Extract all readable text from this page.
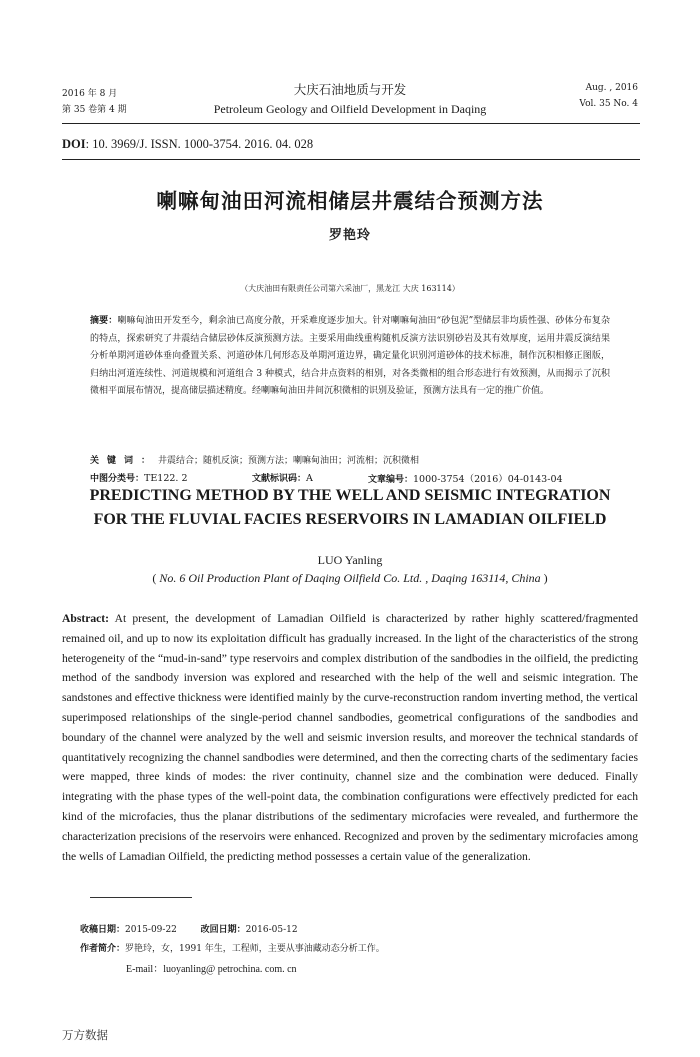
2016 年 8 月
第 35 卷第 4 期
大庆石油地质与开发
Petroleum Geology and Oilfield Development in Daqing
Aug. , 2016
Vol. 35 No. 4
DOI: 10. 3969/J. ISSN. 1000-3754. 2016. 04. 028
喇嘛甸油田河流相储层井震结合预测方法
罗艳玲
（大庆油田有限责任公司第六采油厂，黑龙江 大庆 163114）
摘要：喇嘛甸油田开发至今，剩余油已高度分散，开采难度逐步加大。针对喇嘛甸油田“砂包泥”型储层非均质性强、砂体分布复杂的特点，探索研究了井震结合储层砂体反演预测方法。主要采用曲线重构随机反演方法识别砂岩及其有效厚度，运用井震反演结果分析单期河道砂体垂向叠置关系、河道砂体几何形态及单期河道边界，确定量化识别河道砂体的技术标准，制作沉积相修正图版，归纳出河道连续性、河道规模和河道组合 3 种模式，结合井点资料的相别，对各类微相的组合形态进行有效预测，从而揭示了沉积微相平面展布情况，提高储层描述精度。经喇嘛甸油田井间沉积微相的识别及验证，预测方法具有一定的推广价值。
关键词：井震结合；随机反演；预测方法；喇嘛甸油田；河流相；沉积微相
中图分类号：TE122. 2	文献标识码：A	文章编号：1000-3754（2016）04-0143-04
PREDICTING METHOD BY THE WELL AND SEISMIC INTEGRATION
FOR THE FLUVIAL FACIES RESERVOIRS IN LAMADIAN OILFIELD
LUO Yanling
( No. 6 Oil Production Plant of Daqing Oilfield Co. Ltd. , Daqing 163114, China )
Abstract: At present, the development of Lamadian Oilfield is characterized by rather highly scattered/fragmented remained oil, and up to now its exploitation difficult has gradually increased. In the light of the characteristics of the strong heterogeneity of the “mud-in-sand” type reservoirs and complex distribution of the sandbodies in the oilfield, the predicting method of the sandbody inversion was explored and researched with the help of the well and seismic integration. The sandstones and effective thickness were identified mainly by the curve-reconstruction random inverting method, the vertical superimposed relationships of the single-period channel sandbodies, geometrical configurations of the sandbodies and boundary of the channel were analyzed by the well and seismic inversion results, and moreover the technical standards of quantitatively recognizing the channel sandbodies were determined, and then the correcting charts of the sedimentary facies were mapped, three kinds of modes: the river continuity, channel size and the combination were deduced. Finally integrating with the phase types of the well-point data, the combination configurations were effectively predicted for each kind of the microfacies, thus the planar distributions of the sedimentary microfacies were revealed, and furthermore the characterization precisions of the reservoirs were enhanced. Recognized and proven by the sedimentary microfacies among the wells of Lamadian Oilfield, the predicting method possesses a certain value of the generalization.
收稿日期：2015-09-22	改回日期：2016-05-12
作者简介：罗艳玲，女，1991 年生，工程师，主要从事油藏动态分析工作。
E-mail：luoyanling@ petrochina. com. cn
万方数据
